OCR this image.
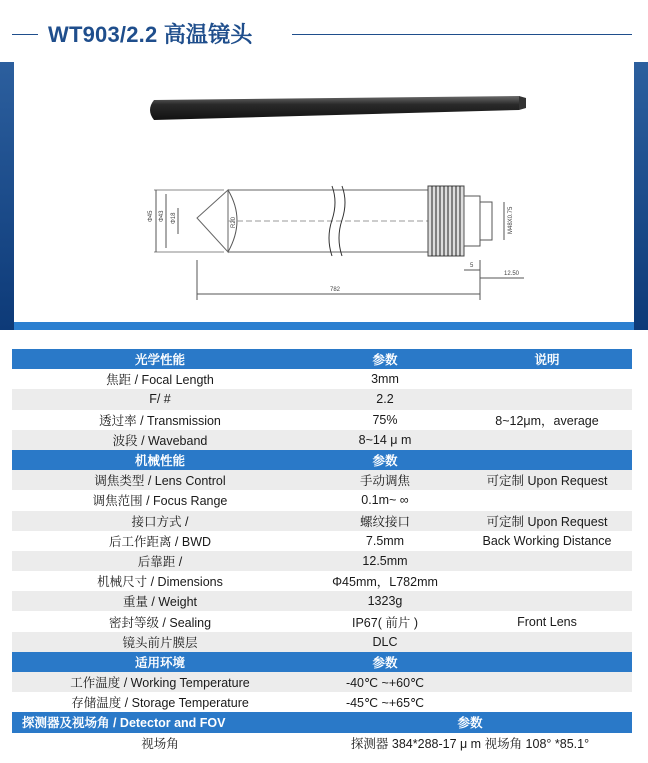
WT903/2.2 高温镜头
Φ45 Φ43 Φ18	R20	M48X0.75
5
12.50
782
光学性能	参数	说明
焦距 / Focal Length	3mm	
F/ #	2.2	
透过率 / Transmission	75%	8~12μm，average
波段 / Waveband	8~14 μ m	
机械性能	参数	
调焦类型 / Lens Control	手动调焦	可定制 Upon Request
调焦范围 / Focus Range	0.1m~ ∞	
接口方式 /	螺纹接口	可定制 Upon Request
后工作距离 / BWD	7.5mm	Back Working Distance
后靠距 /	12.5mm	
机械尺寸 / Dimensions	Φ45mm，L782mm	
重量 / Weight	1323g	
密封等级 / Sealing	IP67( 前片 )	Front Lens
镜头前片膜层	DLC	
适用环境	参数	
工作温度 / Working Temperature	-40℃ ~+60℃	
存储温度 / Storage Temperature	-45℃ ~+65℃	
探测器及视场角 / Detector and FOV	参数	
视场角	探测器 384*288-17 μ m 视场角 108° *85.1°	
